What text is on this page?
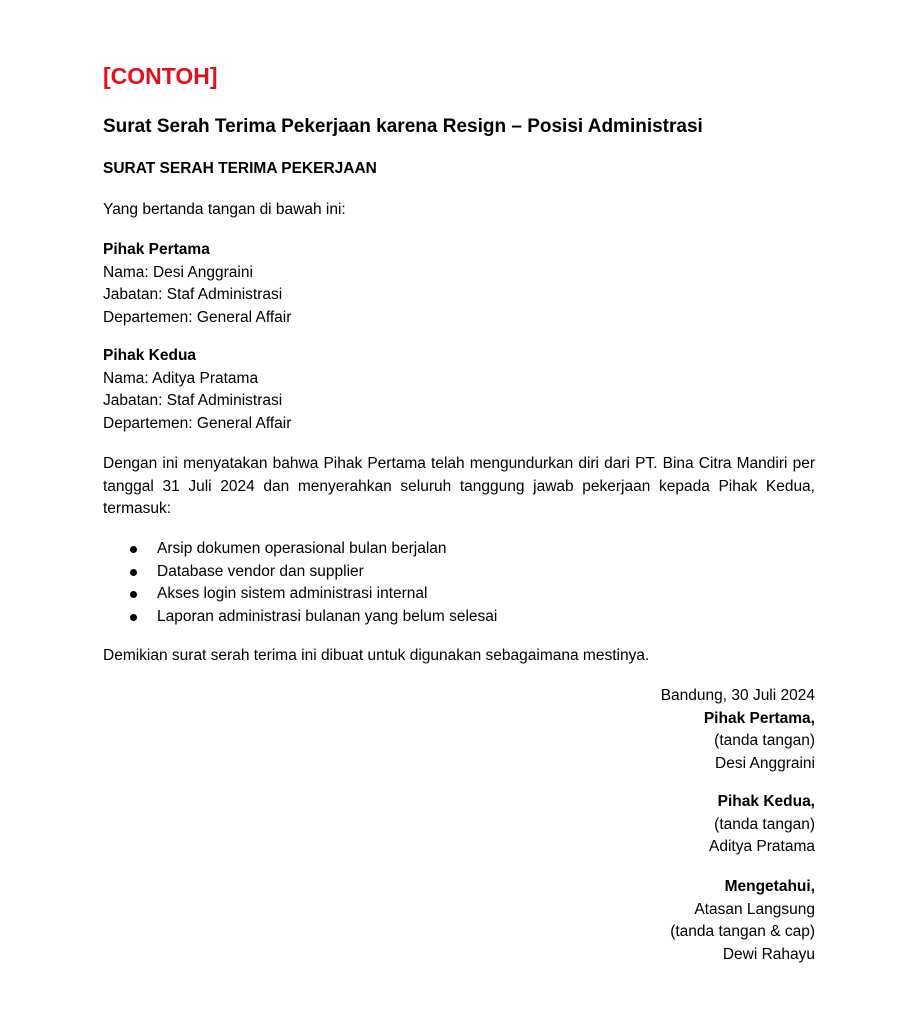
[CONTOH]
Surat Serah Terima Pekerjaan karena Resign – Posisi Administrasi
SURAT SERAH TERIMA PEKERJAAN
Yang bertanda tangan di bawah ini:
Pihak Pertama
Nama: Desi Anggraini
Jabatan: Staf Administrasi
Departemen: General Affair
Pihak Kedua
Nama: Aditya Pratama
Jabatan: Staf Administrasi
Departemen: General Affair
Dengan ini menyatakan bahwa Pihak Pertama telah mengundurkan diri dari PT. Bina Citra Mandiri per tanggal 31 Juli 2024 dan menyerahkan seluruh tanggung jawab pekerjaan kepada Pihak Kedua, termasuk:
Arsip dokumen operasional bulan berjalan
Database vendor dan supplier
Akses login sistem administrasi internal
Laporan administrasi bulanan yang belum selesai
Demikian surat serah terima ini dibuat untuk digunakan sebagaimana mestinya.
Bandung, 30 Juli 2024
Pihak Pertama,
(tanda tangan)
Desi Anggraini
Pihak Kedua,
(tanda tangan)
Aditya Pratama
Mengetahui,
Atasan Langsung
(tanda tangan & cap)
Dewi Rahayu
